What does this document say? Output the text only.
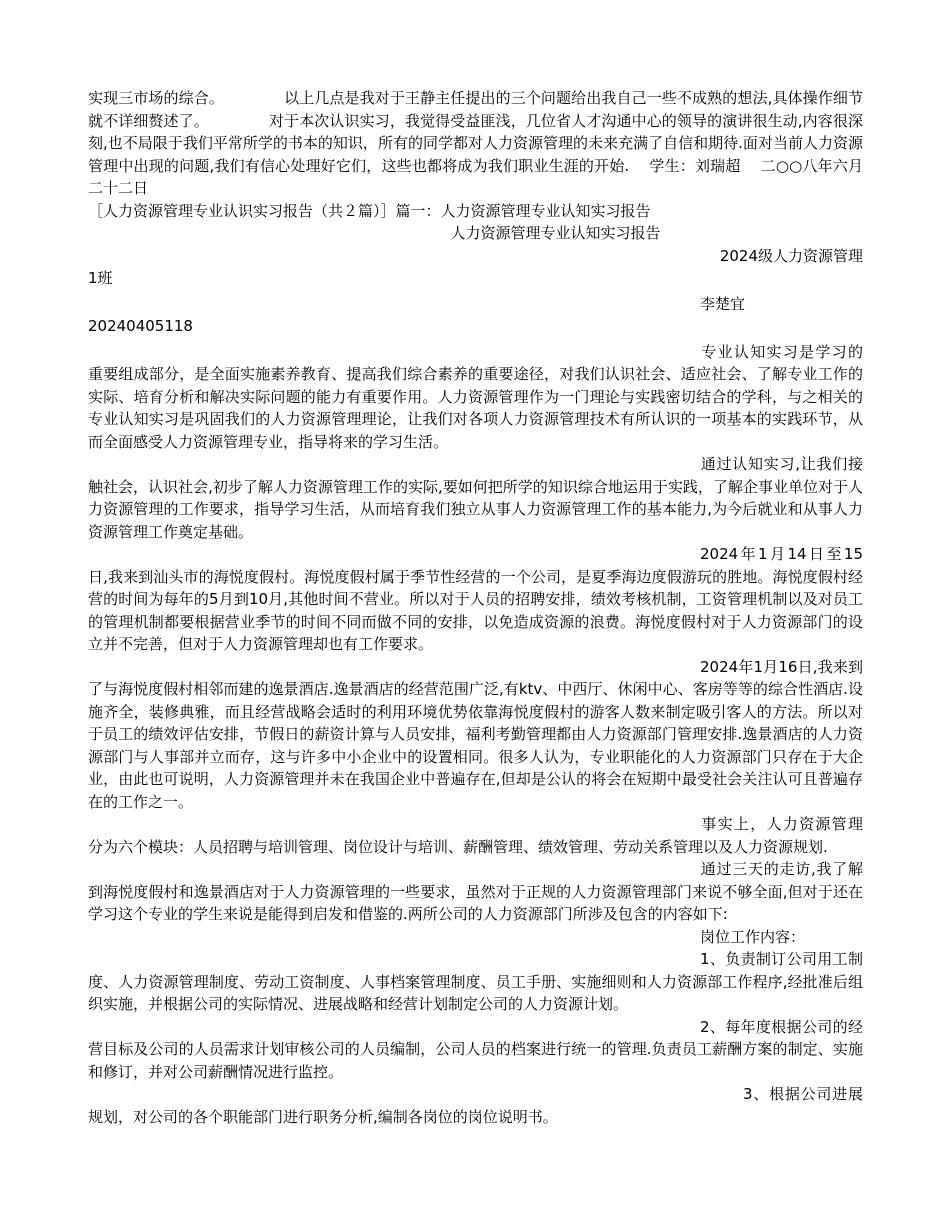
实现三市场的综合。	以上几点是我对于王静主任提出的三个问题给出我自己一些不成熟的想法,具体操作细节就不详细赘述了。	对于本次认识实习，我觉得受益匪浅，几位省人才沟通中心的领导的演讲很生动,内容很深刻,也不局限于我们平常所学的书本的知识，所有的同学都对人力资源管理的未来充满了自信和期待.面对当前人力资源管理中出现的问题,我们有信心处理好它们，这些也都将成为我们职业生涯的开始. 学生：刘瑞超 二○○八年六月二十二日

［人力资源管理专业认识实习报告（共２篇）］篇一：人力资源管理专业认知实习报告

人力资源管理专业认知实习报告

2024级人力资源管理

1班

李楚宜

20240405118

专业认知实习是学习的重要组成部分，是全面实施素养教育、提高我们综合素养的重要途径，对我们认识社会、适应社会、了解专业工作的实际、培育分析和解决实际问题的能力有重要作用。人力资源管理作为一门理论与实践密切结合的学科，与之相关的专业认知实习是巩固我们的人力资源管理理论，让我们对各项人力资源管理技术有所认识的一项基本的实践环节，从而全面感受人力资源管理专业，指导将来的学习生活。

通过认知实习,让我们接触社会，认识社会,初步了解人力资源管理工作的实际,要如何把所学的知识综合地运用于实践，了解企事业单位对于人力资源管理的工作要求，指导学习生活，从而培育我们独立从事人力资源管理工作的基本能力,为今后就业和从事人力资源管理工作奠定基础。

2024年1月14日至15日,我来到汕头市的海悦度假村。海悦度假村属于季节性经营的一个公司，是夏季海边度假游玩的胜地。海悦度假村经营的时间为每年的5月到10月,其他时间不营业。所以对于人员的招聘安排，绩效考核机制，工资管理机制以及对员工的管理机制都要根据营业季节的时间不同而做不同的安排，以免造成资源的浪费。海悦度假村对于人力资源部门的设立并不完善，但对于人力资源管理却也有工作要求。

2024年1月16日,我来到了与海悦度假村相邻而建的逸景酒店.逸景酒店的经营范围广泛,有ktv、中西厅、休闲中心、客房等等的综合性酒店.设施齐全，装修典雅，而且经营战略会适时的利用环境优势依靠海悦度假村的游客人数来制定吸引客人的方法。所以对于员工的绩效评估安排，节假日的薪资计算与人员安排，福利考勤管理都由人力资源部门管理安排.逸景酒店的人力资源部门与人事部并立而存，这与许多中小企业中的设置相同。很多人认为，专业职能化的人力资源部门只存在于大企业，由此也可说明，人力资源管理并未在我国企业中普遍存在,但却是公认的将会在短期中最受社会关注认可且普遍存在的工作之一。

事实上，人力资源管理分为六个模块：人员招聘与培训管理、岗位设计与培训、薪酬管理、绩效管理、劳动关系管理以及人力资源规划.

通过三天的走访,我了解到海悦度假村和逸景酒店对于人力资源管理的一些要求，虽然对于正规的人力资源管理部门来说不够全面,但对于还在学习这个专业的学生来说是能得到启发和借鉴的.两所公司的人力资源部门所涉及包含的内容如下:

岗位工作内容：

1、负责制订公司用工制度、人力资源管理制度、劳动工资制度、人事档案管理制度、员工手册、实施细则和人力资源部工作程序,经批准后组织实施，并根据公司的实际情况、进展战略和经营计划制定公司的人力资源计划。

2、每年度根据公司的经营目标及公司的人员需求计划审核公司的人员编制，公司人员的档案进行统一的管理.负责员工薪酬方案的制定、实施和修订，并对公司薪酬情况进行监控。

3、根据公司进展规划，对公司的各个职能部门进行职务分析,编制各岗位的岗位说明书。
